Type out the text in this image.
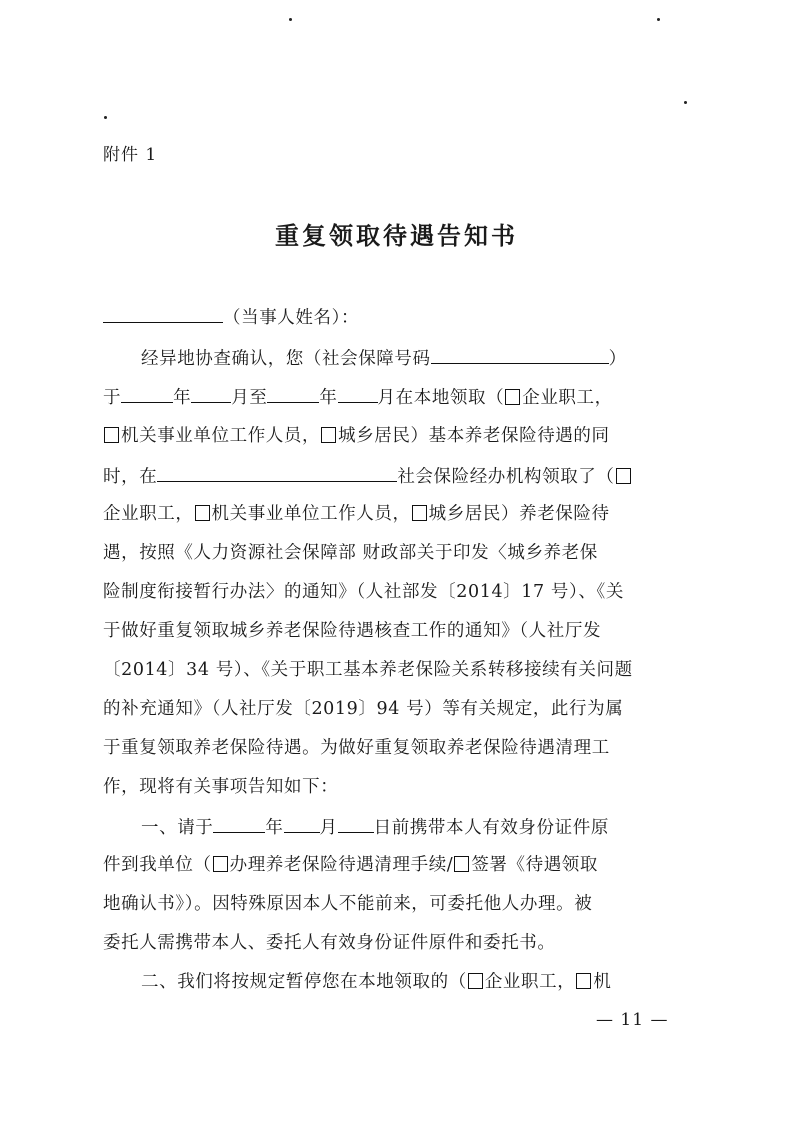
附件 1
重复领取待遇告知书
（当事人姓名）：
经异地协查确认，您（社会保障号码	）
于	年 月至	年 月在本地领取（ 企业职工，
机关事业单位工作人员， 城乡居民）基本养老保险待遇的同
时，在	社会保险经办机构领取了（
企业职工， 机关事业单位工作人员， 城乡居民）养老保险待
遇，按照《人力资源社会保障部 财政部关于印发〈城乡养老保
险制度衔接暂行办法〉的通知》（人社部发〔2014〕17 号）、《关
于做好重复领取城乡养老保险待遇核查工作的通知》（人社厅发
〔2014〕34 号）、《关于职工基本养老保险关系转移接续有关问题
的补充通知》（人社厅发〔2019〕94 号）等有关规定，此行为属
于重复领取养老保险待遇。为做好重复领取养老保险待遇清理工
作，现将有关事项告知如下：
一、请于	年 月 日前携带本人有效身份证件原
件到我单位（ 办理养老保险待遇清理手续/ 签署《待遇领取
地确认书》）。因特殊原因本人不能前来，可委托他人办理。被
委托人需携带本人、委托人有效身份证件原件和委托书。
二、我们将按规定暂停您在本地领取的（ 企业职工， 机
— 11 —
